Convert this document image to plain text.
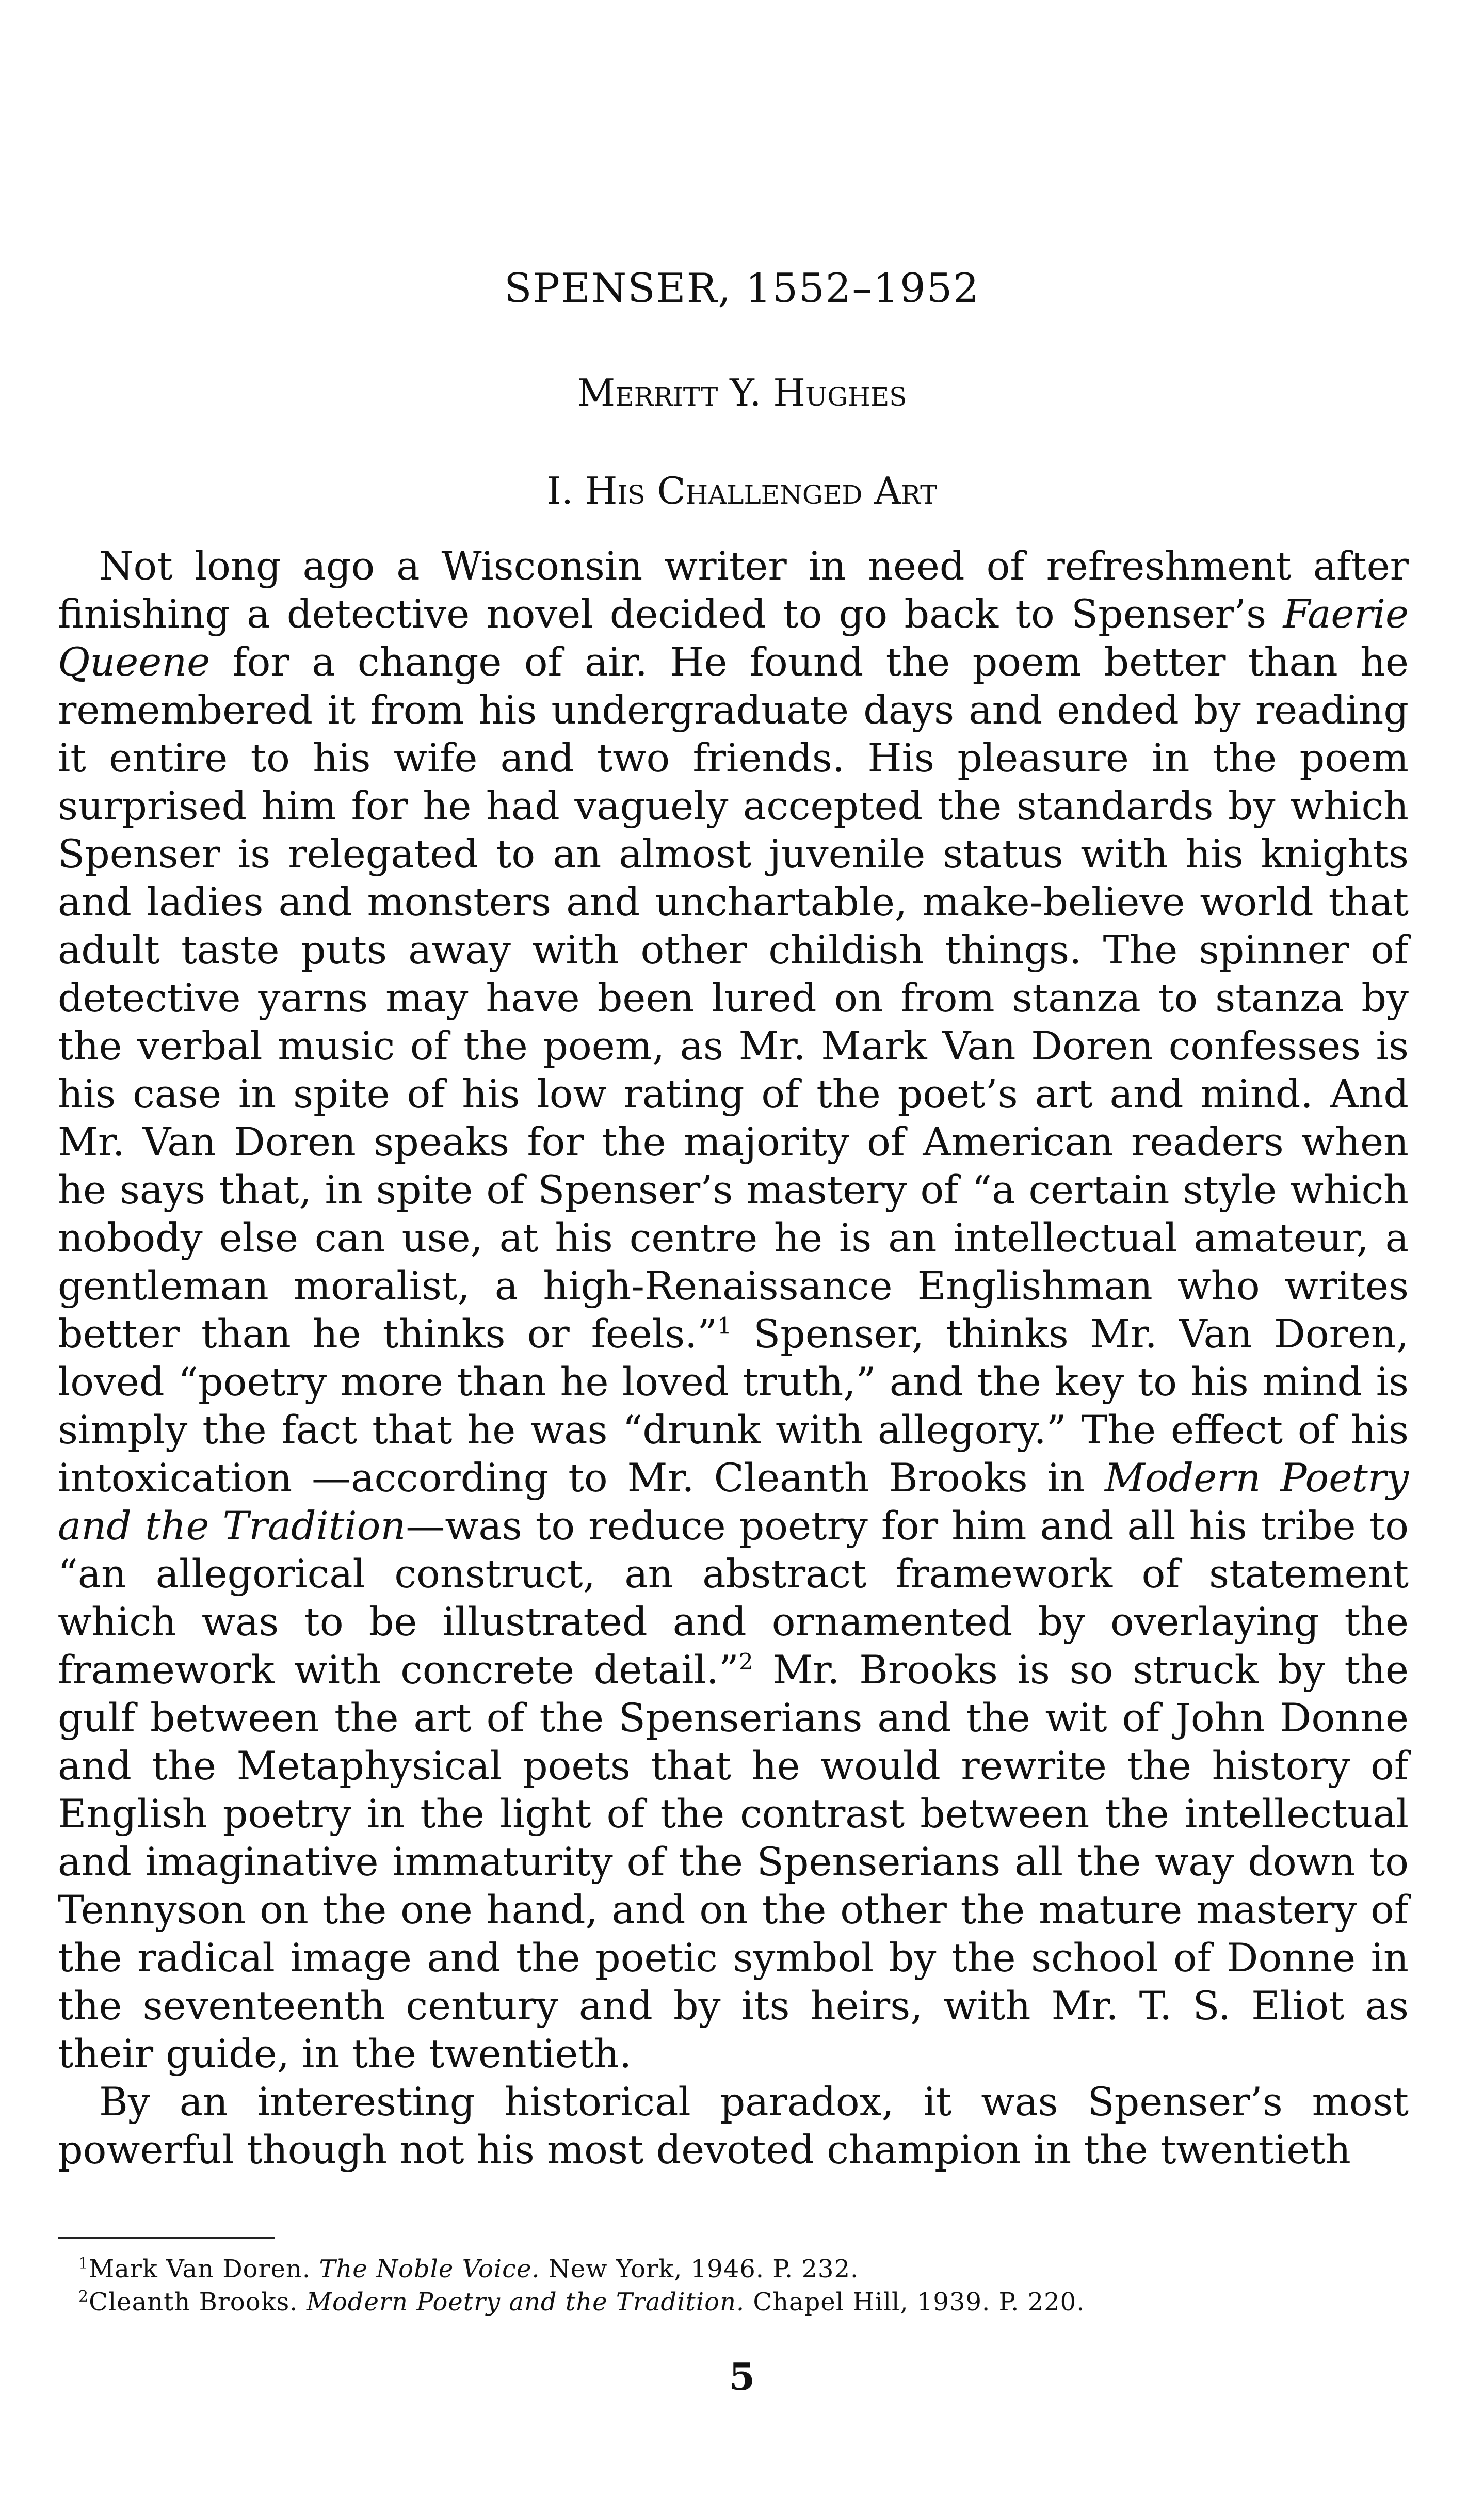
SPENSER, 1552–1952
Merritt Y. Hughes
I. His Challenged Art

Not long ago a Wisconsin writer in need of refreshment after finishing a detective novel decided to go back to Spenser’s Faerie Queene for a change of air. He found the poem better than he remembered it from his undergraduate days and ended by reading it entire to his wife and two friends. His pleasure in the poem surprised him for he had vaguely accepted the standards by which Spenser is relegated to an almost juvenile status with his knights and ladies and monsters and unchartable, make-believe world that adult taste puts away with other childish things. The spinner of detective yarns may have been lured on from stanza to stanza by the verbal music of the poem, as Mr. Mark Van Doren confesses is his case in spite of his low rating of the poet’s art and mind. And Mr. Van Doren speaks for the majority of American readers when he says that, in spite of Spenser’s mastery of “a certain style which nobody else can use, at his centre he is an intellectual amateur, a gentleman moralist, a high-Renaissance Englishman who writes better than he thinks or feels.”$^1$ Spenser, thinks Mr. Van Doren, loved “poetry more than he loved truth,” and the key to his mind is simply the fact that he was “drunk with allegory.” The effect of his intoxication —according to Mr. Cleanth Brooks in Modern Poetry and the Tradition—was to reduce poetry for him and all his tribe to “an allegorical construct, an abstract framework of statement which was to be illustrated and ornamented by overlaying the framework with concrete detail.”$^2$ Mr. Brooks is so struck by the gulf between the art of the Spenserians and the wit of John Donne and the Metaphysical poets that he would rewrite the history of English poetry in the light of the contrast between the intellectual and imaginative immaturity of the Spenserians all the way down to Tennyson on the one hand, and on the other the mature mastery of the radical image and the poetic symbol by the school of Donne in the seventeenth century and by its heirs, with Mr. T. S. Eliot as their guide, in the twentieth.

By an interesting historical paradox, it was Spenser’s most powerful though not his most devoted champion in the twentieth

$^1$Mark Van Doren. The Noble Voice. New York, 1946. P. 232.

$^2$Cleanth Brooks. Modern Poetry and the Tradition. Chapel Hill, 1939. P. 220.

5
